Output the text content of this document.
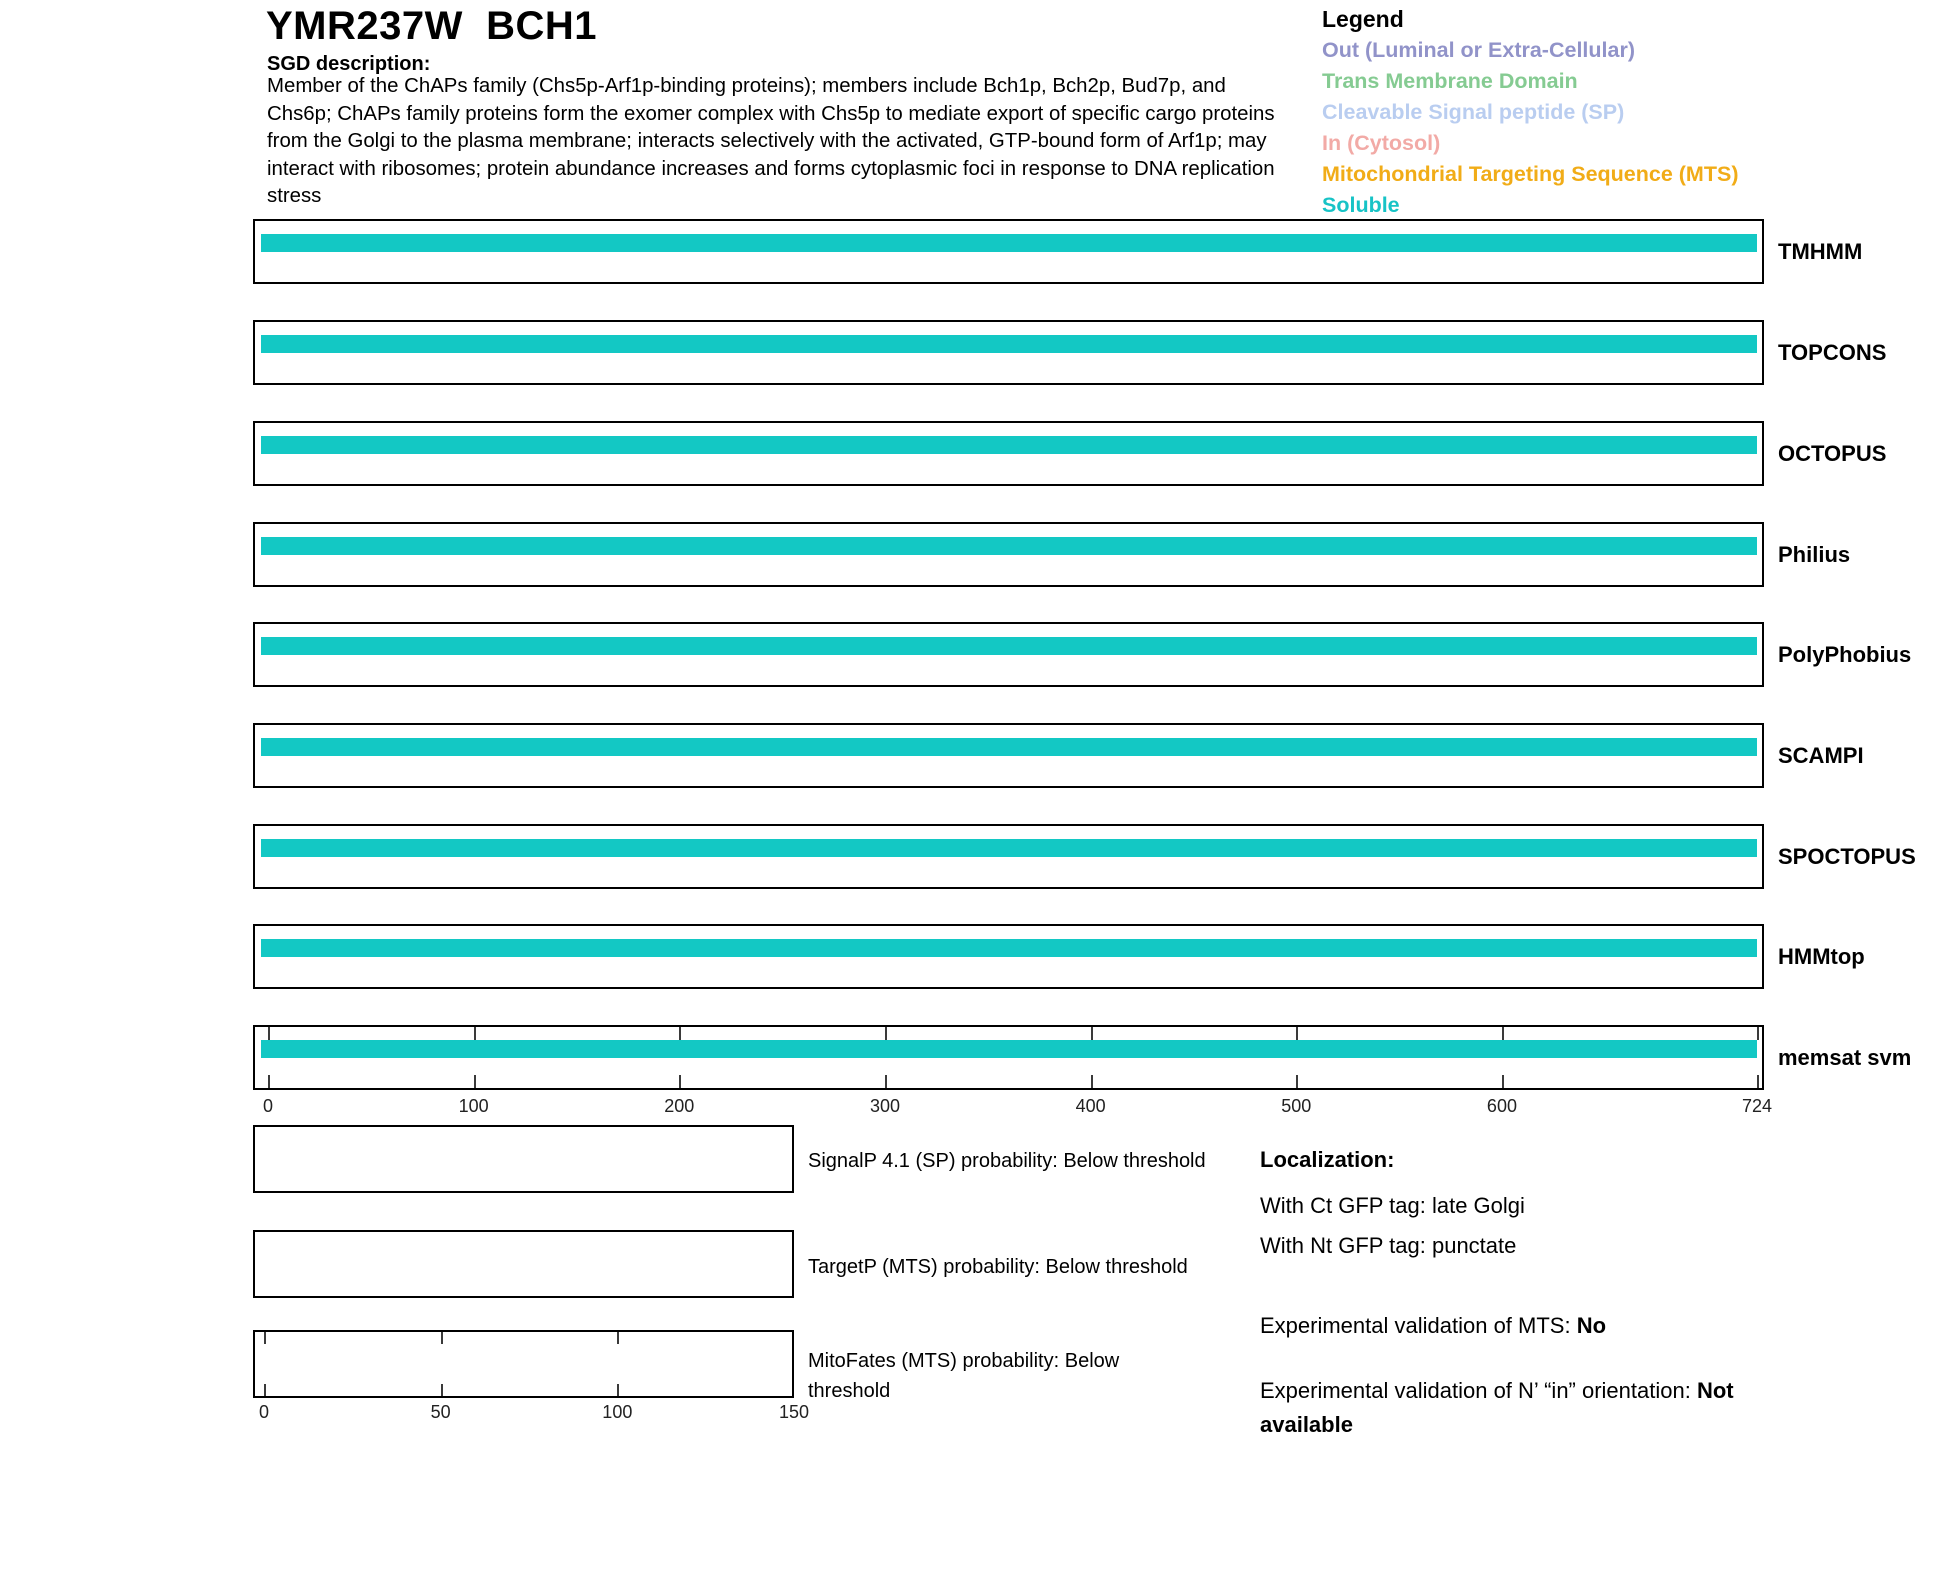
YMR237W  BCH1
SGD description:
Member of the ChAPs family (Chs5p-Arf1p-binding proteins); members include Bch1p, Bch2p, Bud7p, and Chs6p; ChAPs family proteins form the exomer complex with Chs5p to mediate export of specific cargo proteins from the Golgi to the plasma membrane; interacts selectively with the activated, GTP-bound form of Arf1p; may interact with ribosomes; protein abundance increases and forms cytoplasmic foci in response to DNA replication stress
Legend
Out (Luminal or Extra-Cellular)
Trans Membrane Domain
Cleavable Signal peptide (SP)
In (Cytosol)
Mitochondrial Targeting Sequence (MTS)
Soluble
TMHMM
TOPCONS
OCTOPUS
Philius
PolyPhobius
SCAMPI
SPOCTOPUS
HMMtop
memsat svm
0	100	200	300	400	500	600	724
SignalP 4.1 (SP) probability: Below threshold
TargetP (MTS) probability: Below threshold
MitoFates (MTS) probability: Below threshold
0	50	100	150
Localization:
With Ct GFP tag: late Golgi
With Nt GFP tag: punctate
Experimental validation of MTS: No
Experimental validation of N’ “in” orientation: Not available
